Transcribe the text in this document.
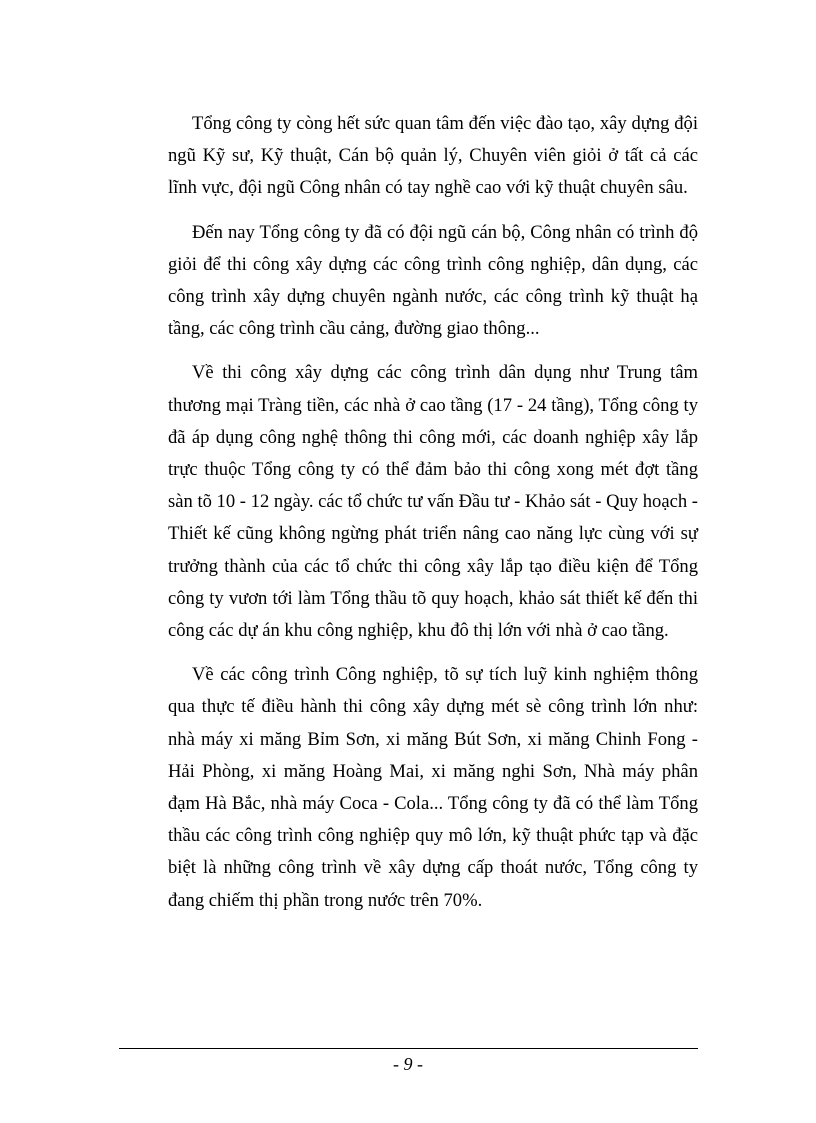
Tổng công ty còng hết sức quan tâm đến việc đào tạo, xây dựng đội ngũ Kỹ sư, Kỹ thuật, Cán bộ quản lý, Chuyên viên giỏi ở tất cả các lĩnh vực, đội ngũ Công nhân có tay nghề cao với kỹ thuật chuyên sâu.

Đến nay Tổng công ty đã có đội ngũ cán bộ, Công nhân có trình độ giỏi để thi công xây dựng các công trình công nghiệp, dân dụng, các công trình xây dựng chuyên ngành nước, các công trình kỹ thuật hạ tầng, các công trình cầu cảng, đường giao thông...

Về thi công xây dựng các công trình dân dụng như Trung tâm thương mại Tràng tiền, các nhà ở cao tầng (17 - 24 tầng), Tổng công ty đã áp dụng công nghệ thông thi công mới, các doanh nghiệp xây lắp trực thuộc Tổng công ty có thể đảm bảo thi công xong mét đợt tầng sàn tõ 10 - 12 ngày. các tổ chức tư vấn Đầu tư - Khảo sát - Quy hoạch - Thiết kế cũng không ngừng phát triển nâng cao năng lực cùng với sự trưởng thành của các tổ chức thi công xây lắp tạo điều kiện để Tổng công ty vươn tới làm Tổng thầu tõ quy hoạch, khảo sát thiết kế đến thi công các dự án khu công nghiệp, khu đô thị lớn với nhà ở cao tầng.

Về các công trình Công nghiệp, tõ sự tích luỹ kinh nghiệm thông qua thực tế điều hành thi công xây dựng mét sè công trình lớn như: nhà máy xi măng Bỉm Sơn, xi măng Bút Sơn, xi măng Chinh Fong - Hải Phòng, xi măng Hoàng Mai, xi măng nghi Sơn, Nhà máy phân đạm Hà Bắc, nhà máy Coca - Cola... Tổng công ty đã có thể làm Tổng thầu các công trình công nghiệp quy mô lớn, kỹ thuật phức tạp và đặc biệt là những công trình về xây dựng cấp thoát nước, Tổng công ty đang chiếm thị phần trong nước trên 70%.

- 9 -
